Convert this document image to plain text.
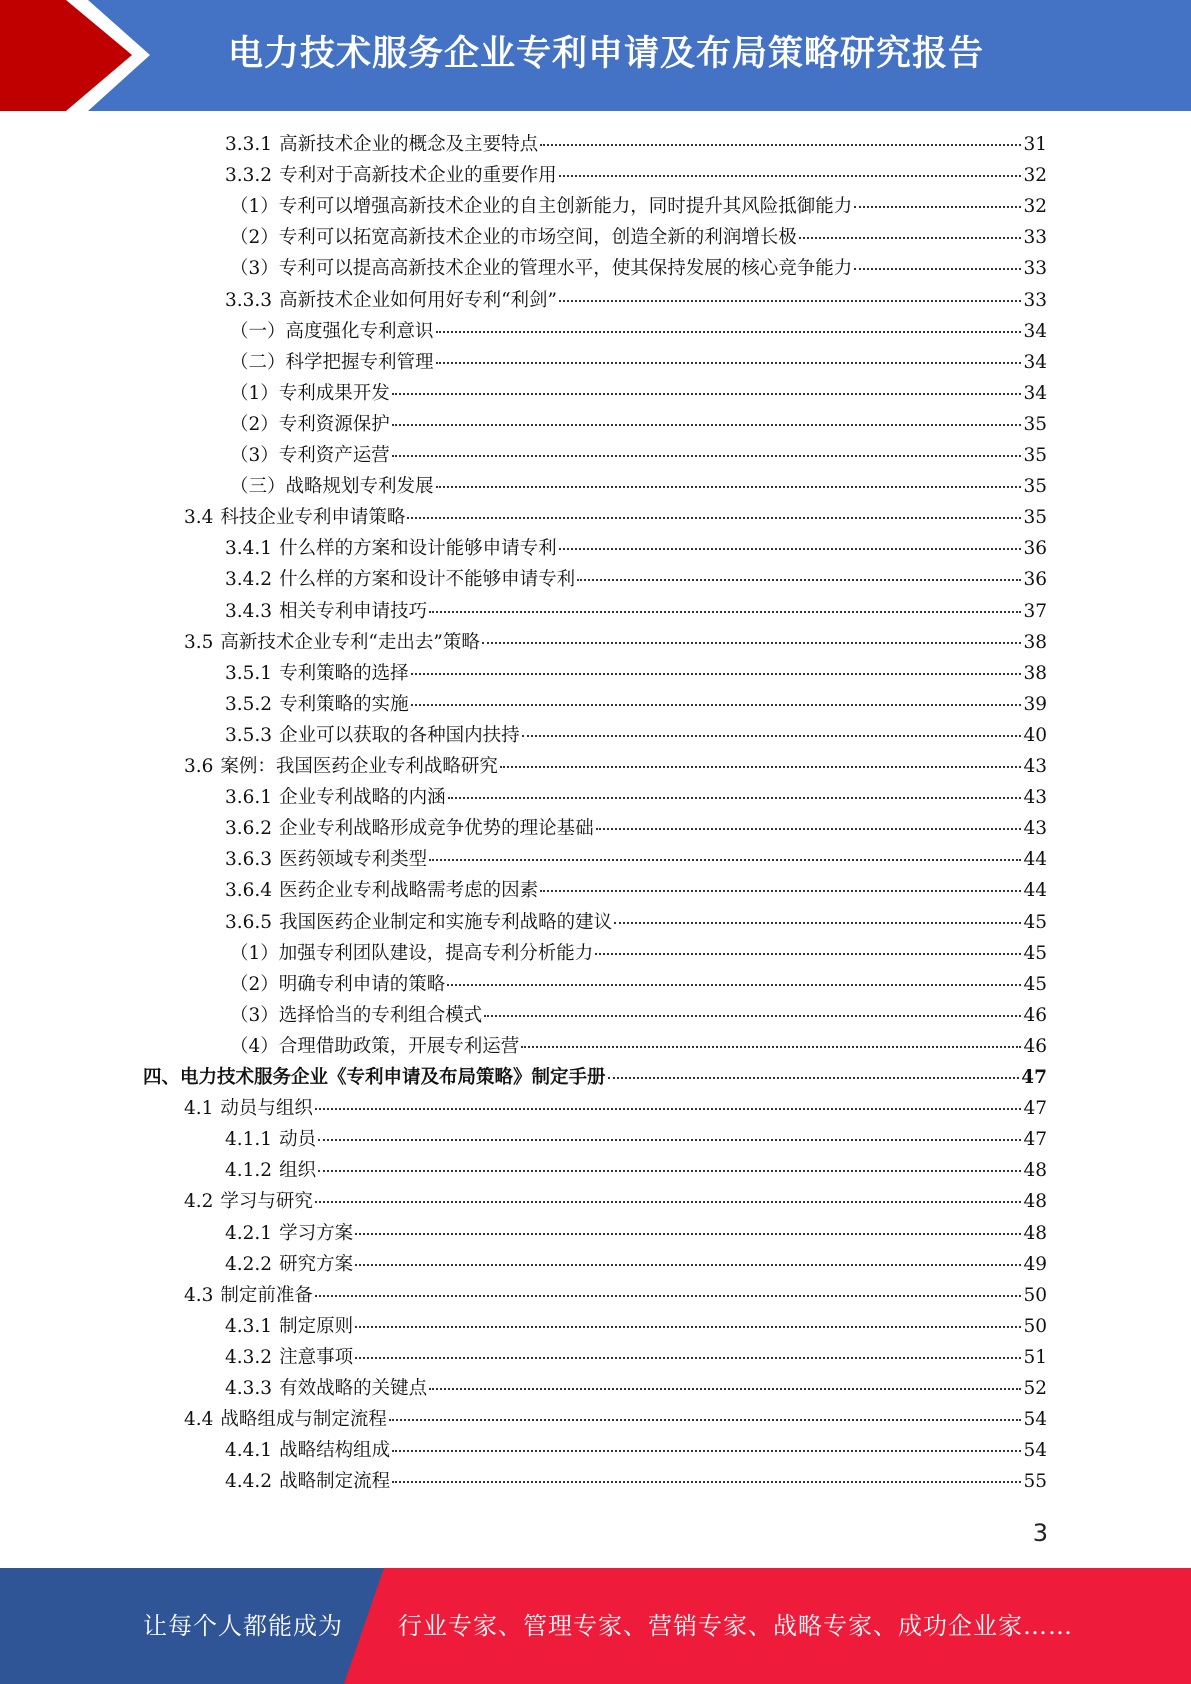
电力技术服务企业专利申请及布局策略研究报告
3.3.1 高新技术企业的概念及主要特点	31
3.3.2 专利对于高新技术企业的重要作用	32
（1）专利可以增强高新技术企业的自主创新能力，同时提升其风险抵御能力	32
（2）专利可以拓宽高新技术企业的市场空间，创造全新的利润增长极	33
（3）专利可以提高高新技术企业的管理水平，使其保持发展的核心竞争能力	33
3.3.3 高新技术企业如何用好专利“利剑”	33
（一）高度强化专利意识	34
（二）科学把握专利管理	34
（1）专利成果开发	34
（2）专利资源保护	35
（3）专利资产运营	35
（三）战略规划专利发展	35
3.4 科技企业专利申请策略	35
3.4.1 什么样的方案和设计能够申请专利	36
3.4.2 什么样的方案和设计不能够申请专利	36
3.4.3 相关专利申请技巧	37
3.5 高新技术企业专利“走出去”策略	38
3.5.1 专利策略的选择	38
3.5.2 专利策略的实施	39
3.5.3 企业可以获取的各种国内扶持	40
3.6 案例：我国医药企业专利战略研究	43
3.6.1 企业专利战略的内涵	43
3.6.2 企业专利战略形成竞争优势的理论基础	43
3.6.3 医药领域专利类型	44
3.6.4 医药企业专利战略需考虑的因素	44
3.6.5 我国医药企业制定和实施专利战略的建议	45
（1）加强专利团队建设，提高专利分析能力	45
（2）明确专利申请的策略	45
（3）选择恰当的专利组合模式	46
（4）合理借助政策，开展专利运营	46
四、电力技术服务企业《专利申请及布局策略》制定手册	47
4.1 动员与组织	47
4.1.1 动员	47
4.1.2 组织	48
4.2 学习与研究	48
4.2.1 学习方案	48
4.2.2 研究方案	49
4.3 制定前准备	50
4.3.1 制定原则	50
4.3.2 注意事项	51
4.3.3 有效战略的关键点	52
4.4 战略组成与制定流程	54
4.4.1 战略结构组成	54
4.4.2 战略制定流程	55
3
让每个人都能成为 行业专家、管理专家、营销专家、战略专家、成功企业家……
